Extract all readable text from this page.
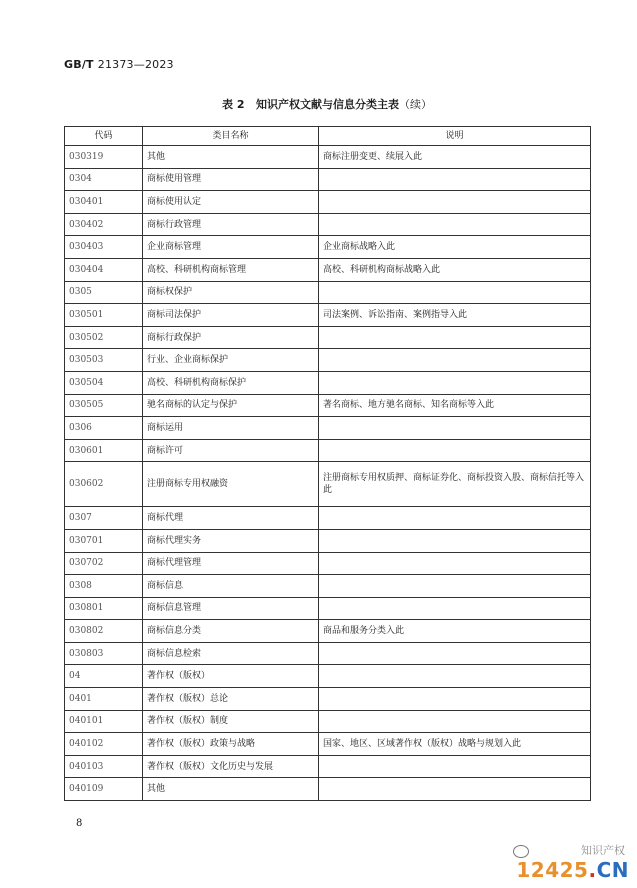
GB/T 21373—2023
表 2 知识产权文献与信息分类主表（续）
代码	类目名称	说明
030319	其他	商标注册变更、续展入此
0304	商标使用管理	
030401	商标使用认定	
030402	商标行政管理	
030403	企业商标管理	企业商标战略入此
030404	高校、科研机构商标管理	高校、科研机构商标战略入此
0305	商标权保护	
030501	商标司法保护	司法案例、诉讼指南、案例指导入此
030502	商标行政保护	
030503	行业、企业商标保护	
030504	高校、科研机构商标保护	
030505	驰名商标的认定与保护	著名商标、地方驰名商标、知名商标等入此
0306	商标运用	
030601	商标许可	
030602	注册商标专用权融资	注册商标专用权质押、商标证券化、商标投资入股、商标信托等入此
0307	商标代理	
030701	商标代理实务	
030702	商标代理管理	
0308	商标信息	
030801	商标信息管理	
030802	商标信息分类	商品和服务分类入此
030803	商标信息检索	
04	著作权（版权）	
0401	著作权（版权）总论	
040101	著作权（版权）制度	
040102	著作权（版权）政策与战略	国家、地区、区域著作权（版权）战略与规划入此
040103	著作权（版权）文化历史与发展	
040109	其他	
8
知识产权
12425.CN
